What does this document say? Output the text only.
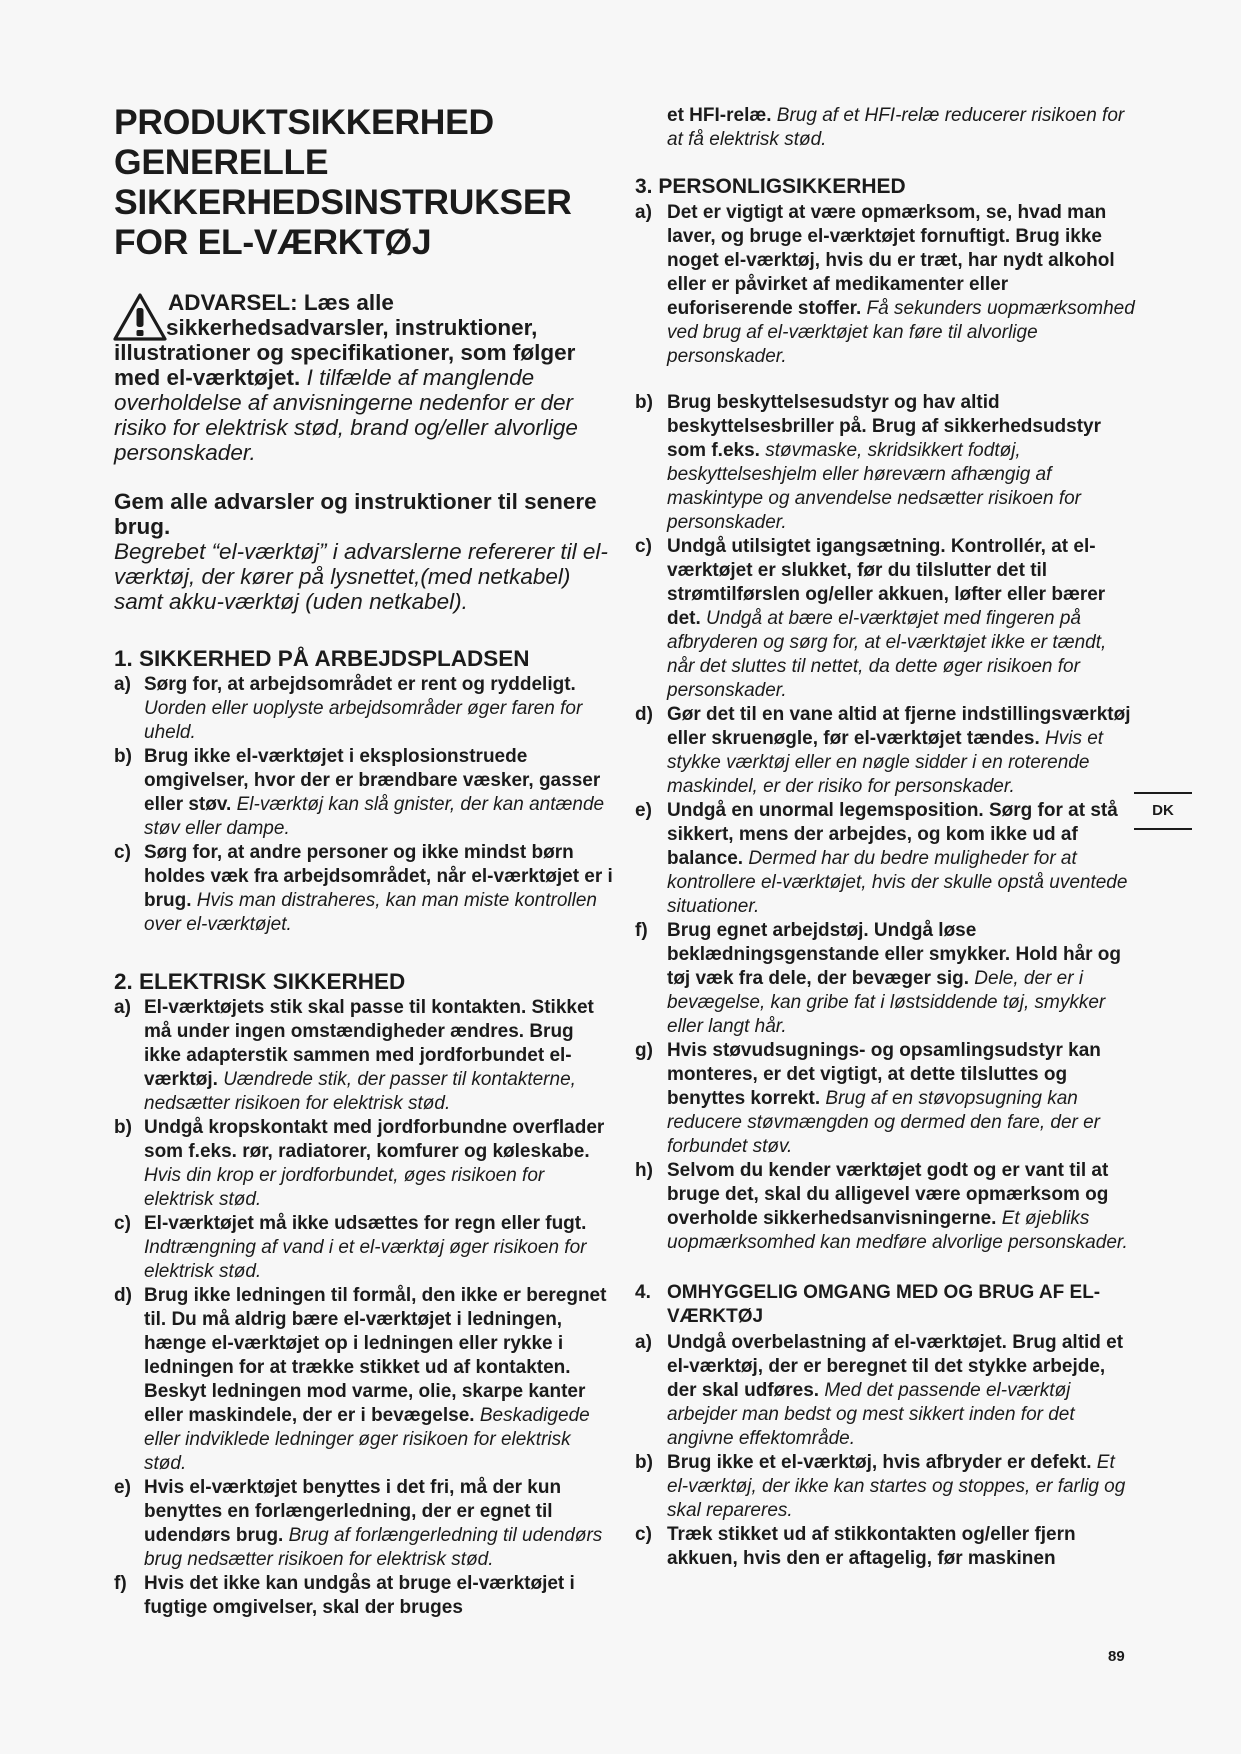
PRODUKTSIKKERHED
GENERELLE
SIKKERHEDSINSTRUKSER
FOR EL-VÆRKTØJ
ADVARSEL: Læs alle
sikkerhedsadvarsler, instruktioner,
illustrationer og specifikationer, som følger med el-værktøjet. I tilfælde af manglende overholdelse af anvisningerne nedenfor er der risiko for elektrisk stød, brand og/eller alvorlige personskader.
Gem alle advarsler og instruktioner til senere brug.
Begrebet “el-værktøj” i advarslerne refererer til el-værktøj, der kører på lysnettet,(med netkabel) samt akku-værktøj (uden netkabel).
1. SIKKERHED PÅ ARBEJDSPLADSEN
a) Sørg for, at arbejdsområdet er rent og ryddeligt. Uorden eller uoplyste arbejdsområder øger faren for uheld.
b) Brug ikke el-værktøjet i eksplosionstruede omgivelser, hvor der er brændbare væsker, gasser eller støv. El-værktøj kan slå gnister, der kan antænde støv eller dampe.
c) Sørg for, at andre personer og ikke mindst børn holdes væk fra arbejdsområdet, når el-værktøjet er i brug. Hvis man distraheres, kan man miste kontrollen over el-værktøjet.
2. ELEKTRISK SIKKERHED
a) El-værktøjets stik skal passe til kontakten. Stikket må under ingen omstændigheder ændres. Brug ikke adapterstik sammen med jordforbundet el-værktøj. Uændrede stik, der passer til kontakterne, nedsætter risikoen for elektrisk stød.
b) Undgå kropskontakt med jordforbundne overflader som f.eks. rør, radiatorer, komfurer og køleskabe. Hvis din krop er jordforbundet, øges risikoen for elektrisk stød.
c) El-værktøjet må ikke udsættes for regn eller fugt. Indtrængning af vand i et el-værktøj øger risikoen for elektrisk stød.
d) Brug ikke ledningen til formål, den ikke er beregnet til. Du må aldrig bære el-værktøjet i ledningen, hænge el-værktøjet op i ledningen eller rykke i ledningen for at trække stikket ud af kontakten. Beskyt ledningen mod varme, olie, skarpe kanter eller maskindele, der er i bevægelse. Beskadigede eller indviklede ledninger øger risikoen for elektrisk stød.
e) Hvis el-værktøjet benyttes i det fri, må der kun benyttes en forlængerledning, der er egnet til udendørs brug. Brug af forlængerledning til udendørs brug nedsætter risikoen for elektrisk stød.
f) Hvis det ikke kan undgås at bruge el-værktøjet i fugtige omgivelser, skal der bruges
et HFI-relæ. Brug af et HFI-relæ reducerer risikoen for at få elektrisk stød.
3. PERSONLIGSIKKERHED
a) Det er vigtigt at være opmærksom, se, hvad man laver, og bruge el-værktøjet fornuftigt. Brug ikke noget el-værktøj, hvis du er træt, har nydt alkohol eller er påvirket af medikamenter eller euforiserende stoffer. Få sekunders uopmærksomhed ved brug af el-værktøjet kan føre til alvorlige personskader.
b) Brug beskyttelsesudstyr og hav altid beskyttelsesbriller på. Brug af sikkerhedsudstyr som f.eks. støvmaske, skridsikkert fodtøj, beskyttelseshjelm eller høreværn afhængig af maskintype og anvendelse nedsætter risikoen for personskader.
c) Undgå utilsigtet igangsætning. Kontrollér, at el-værktøjet er slukket, før du tilslutter det til strømtilførslen og/eller akkuen, løfter eller bærer det. Undgå at bære el-værktøjet med fingeren på afbryderen og sørg for, at el-værktøjet ikke er tændt, når det sluttes til nettet, da dette øger risikoen for personskader.
d) Gør det til en vane altid at fjerne indstillingsværktøj eller skruenøgle, før el-værktøjet tændes. Hvis et stykke værktøj eller en nøgle sidder i en roterende maskindel, er der risiko for personskader.
e) Undgå en unormal legemsposition. Sørg for at stå sikkert, mens der arbejdes, og kom ikke ud af balance. Dermed har du bedre muligheder for at kontrollere el-værktøjet, hvis der skulle opstå uventede situationer.
f) Brug egnet arbejdstøj. Undgå løse beklædningsgenstande eller smykker. Hold hår og tøj væk fra dele, der bevæger sig. Dele, der er i bevægelse, kan gribe fat i løstsiddende tøj, smykker eller langt hår.
g) Hvis støvudsugnings- og opsamlingsudstyr kan monteres, er det vigtigt, at dette tilsluttes og benyttes korrekt. Brug af en støvopsugning kan reducere støvmængden og dermed den fare, der er forbundet støv.
h) Selvom du kender værktøjet godt og er vant til at bruge det, skal du alligevel være opmærksom og overholde sikkerhedsanvisningerne. Et øjebliks uopmærksomhed kan medføre alvorlige personskader.
4. OMHYGGELIG OMGANG MED OG BRUG AF EL-VÆRKTØJ
a) Undgå overbelastning af el-værktøjet. Brug altid et el-værktøj, der er beregnet til det stykke arbejde, der skal udføres. Med det passende el-værktøj arbejder man bedst og mest sikkert inden for det angivne effektområde.
b) Brug ikke et el-værktøj, hvis afbryder er defekt. Et el-værktøj, der ikke kan startes og stoppes, er farlig og skal repareres.
c) Træk stikket ud af stikkontakten og/eller fjern akkuen, hvis den er aftagelig, før maskinen
DK
89
